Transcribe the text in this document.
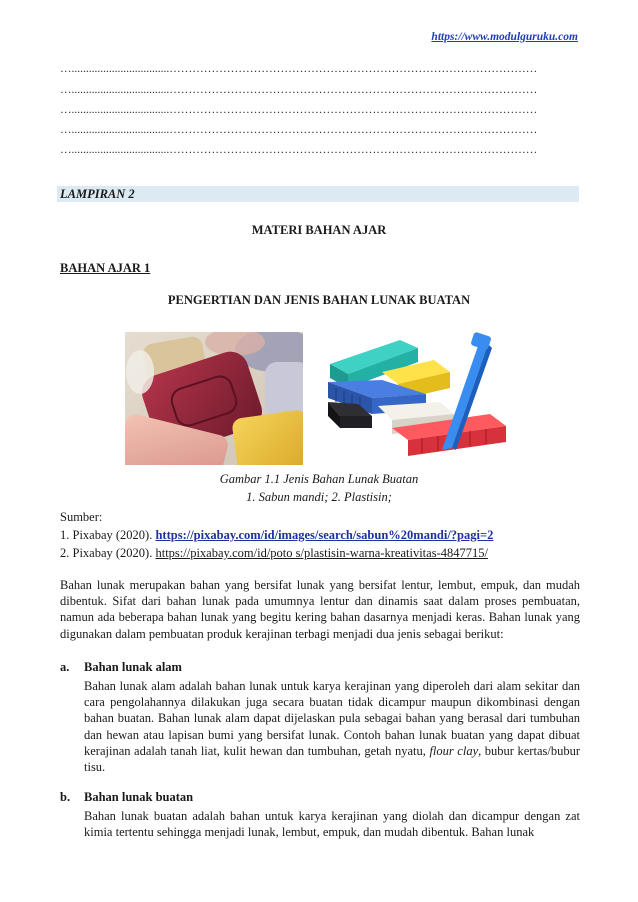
https://www.modulguruku.com
…..................................……………………………………………………………………………………
…..................................……………………………………………………………………………………
…..................................……………………………………………………………………………………
…..................................……………………………………………………………………………………
…..................................……………………………………………………………………………………
LAMPIRAN 2
MATERI BAHAN AJAR
BAHAN AJAR 1
PENGERTIAN DAN JENIS BAHAN LUNAK BUATAN
Gambar 1.1 Jenis Bahan Lunak Buatan
1. Sabun mandi; 2. Plastisin;
Sumber:
1. Pixabay (2020). https://pixabay.com/id/images/search/sabun%20mandi/?pagi=2
2. Pixabay (2020). https://pixabay.com/id/poto s/plastisin-warna-kreativitas-4847715/
Bahan lunak merupakan bahan yang bersifat lunak yang bersifat lentur, lembut, empuk, dan mudah dibentuk. Sifat dari bahan lunak pada umumnya lentur dan dinamis saat dalam proses pembuatan, namun ada beberapa bahan lunak yang begitu kering bahan dasarnya menjadi keras. Bahan lunak yang digunakan dalam pembuatan produk kerajinan terbagi menjadi dua jenis sebagai berikut:
a. Bahan lunak alam
Bahan lunak alam adalah bahan lunak untuk karya kerajinan yang diperoleh dari alam sekitar dan cara pengolahannya dilakukan juga secara buatan tidak dicampur maupun dikombinasi dengan bahan buatan. Bahan lunak alam dapat dijelaskan pula sebagai bahan yang berasal dari tumbuhan dan hewan atau lapisan bumi yang bersifat lunak. Contoh bahan lunak buatan yang dapat dibuat kerajinan adalah tanah liat, kulit hewan dan tumbuhan, getah nyatu, flour clay, bubur kertas/bubur tisu.
b. Bahan lunak buatan
Bahan lunak buatan adalah bahan untuk karya kerajinan yang diolah dan dicampur dengan zat kimia tertentu sehingga menjadi lunak, lembut, empuk, dan mudah dibentuk. Bahan lunak
